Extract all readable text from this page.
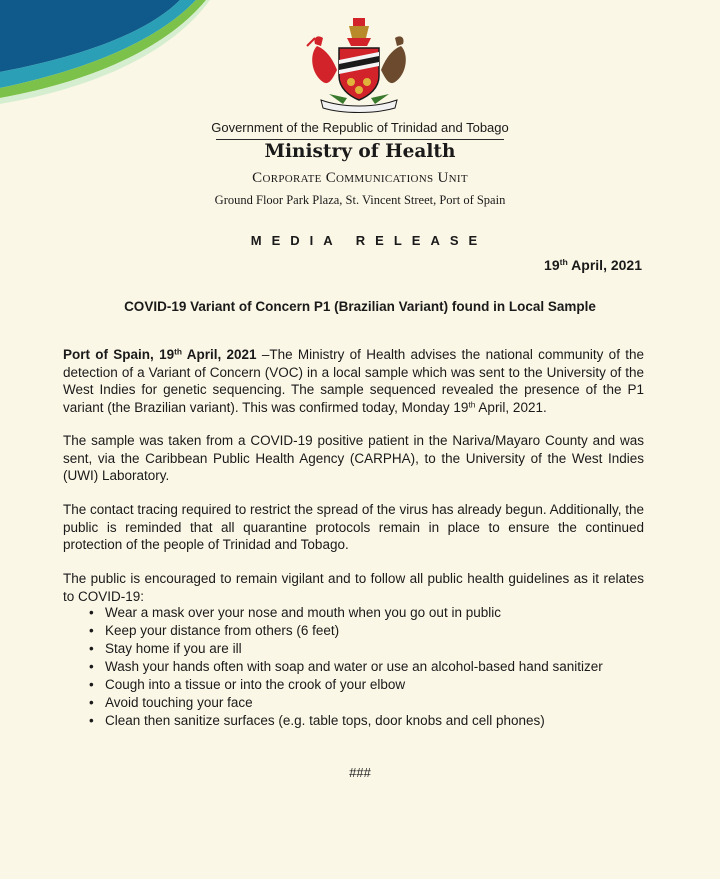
Government of the Republic of Trinidad and Tobago
Ministry of Health
Corporate Communications Unit
Ground Floor Park Plaza, St. Vincent Street, Port of Spain
MEDIA RELEASE
19th April, 2021
COVID-19 Variant of Concern P1 (Brazilian Variant) found in Local Sample

Port of Spain, 19th April, 2021 –The Ministry of Health advises the national community of the detection of a Variant of Concern (VOC) in a local sample which was sent to the University of the West Indies for genetic sequencing. The sample sequenced revealed the presence of the P1 variant (the Brazilian variant). This was confirmed today, Monday 19th April, 2021.

The sample was taken from a COVID-19 positive patient in the Nariva/Mayaro County and was sent, via the Caribbean Public Health Agency (CARPHA), to the University of the West Indies (UWI) Laboratory.

The contact tracing required to restrict the spread of the virus has already begun. Additionally, the public is reminded that all quarantine protocols remain in place to ensure the continued protection of the people of Trinidad and Tobago.

The public is encouraged to remain vigilant and to follow all public health guidelines as it relates to COVID-19:

• Wear a mask over your nose and mouth when you go out in public
• Keep your distance from others (6 feet)
• Stay home if you are ill
• Wash your hands often with soap and water or use an alcohol-based hand sanitizer
• Cough into a tissue or into the crook of your elbow
• Avoid touching your face
• Clean then sanitize surfaces (e.g. table tops, door knobs and cell phones)
###
